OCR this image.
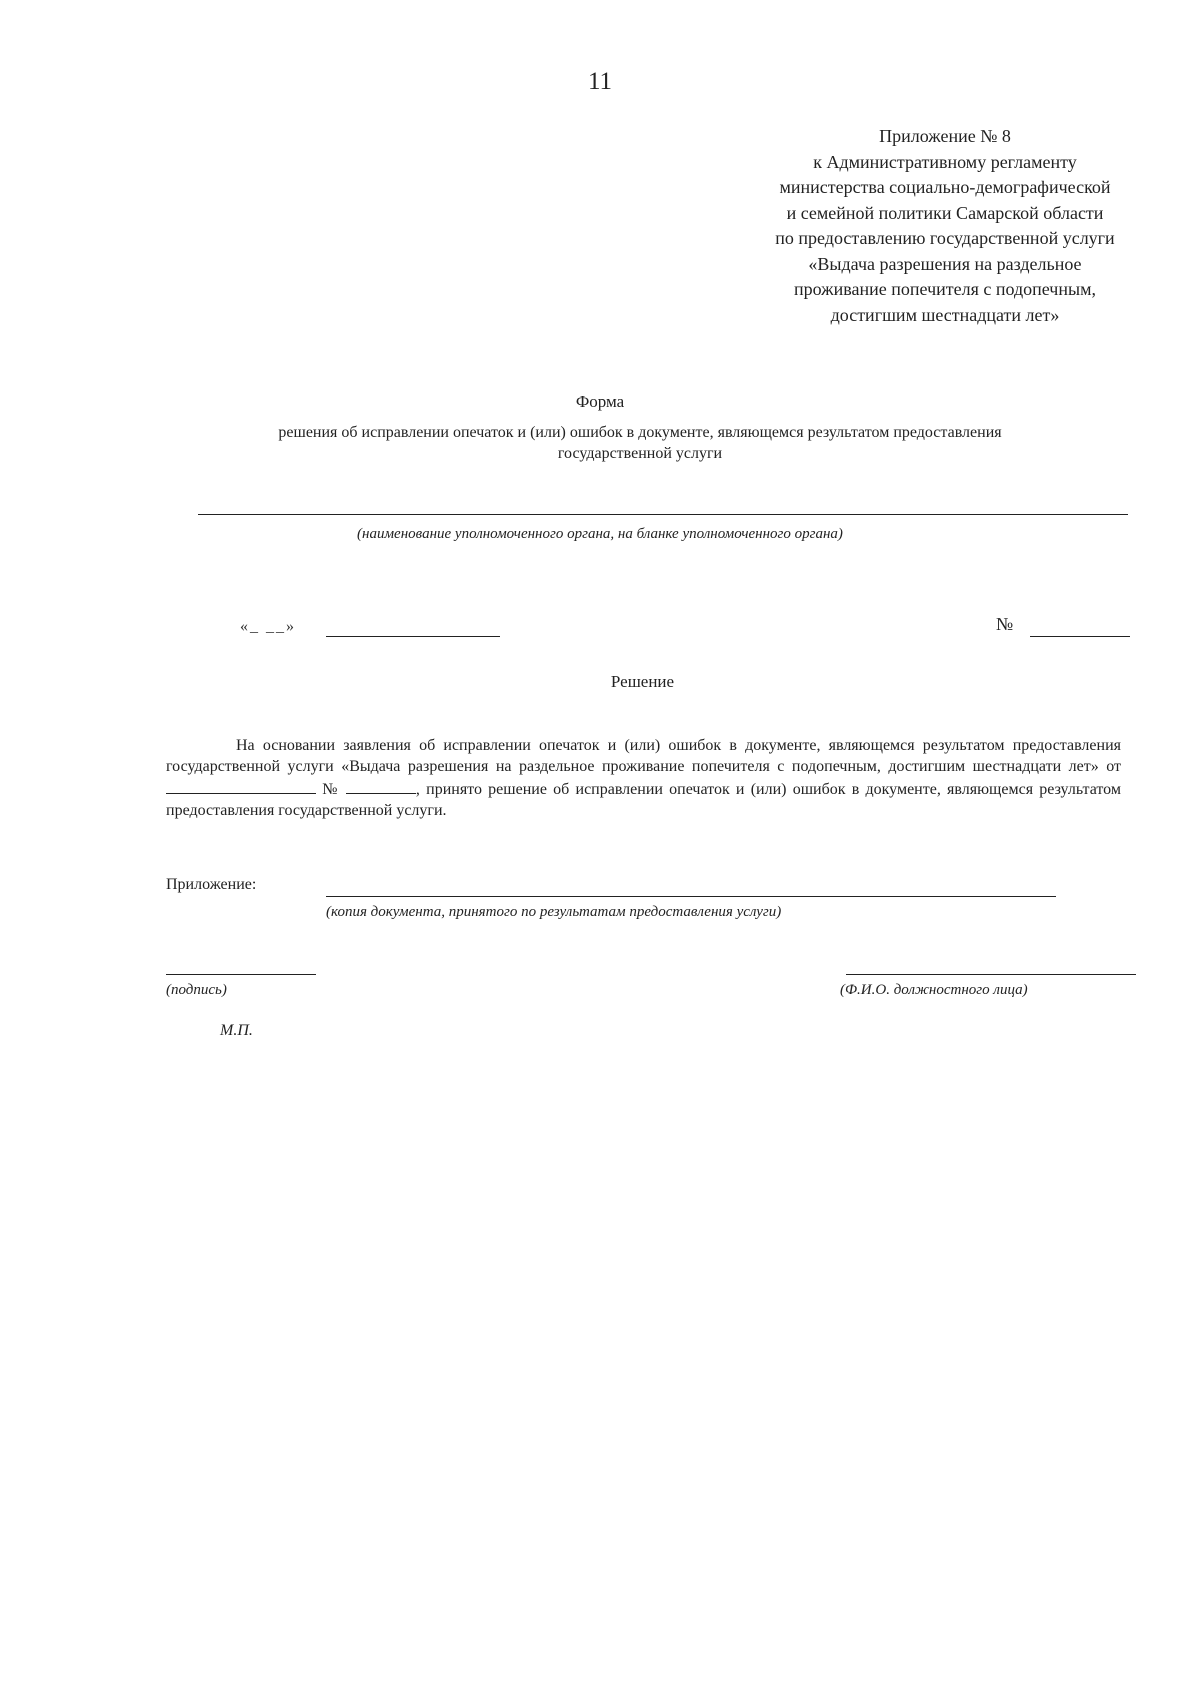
11
Приложение № 8
к Административному регламенту
министерства социально-демографической
и семейной политики Самарской области
по предоставлению государственной услуги
«Выдача разрешения на раздельное
проживание попечителя с подопечным,
достигшим шестнадцати лет»
Форма
решения об исправлении опечаток и (или) ошибок в документе, являющемся результатом предоставления
государственной услуги
(наименование уполномоченного органа, на бланке уполномоченного органа)
«_ __»	№
Решение
На основании заявления об исправлении опечаток и (или) ошибок в документе, являющемся результатом предоставления государственной услуги «Выдача разрешения на раздельное проживание попечителя с подопечным, достигшим шестнадцати лет» от  №	, принято решение об исправлении опечаток и (или) ошибок в документе, являющемся результатом предоставления государственной услуги.
Приложение:
(копия документа, принятого по результатам предоставления услуги)
(подпись)	(Ф.И.О. должностного лица)
М.П.
